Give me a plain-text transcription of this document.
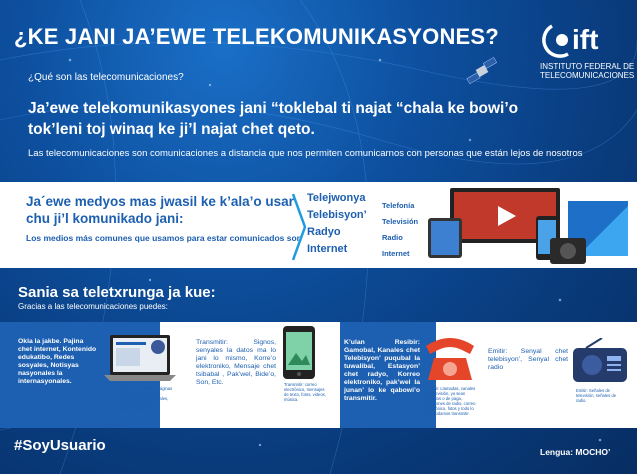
¿KE JANI JA’EWE TELEKOMUNIKASYONES?	ift
INSTITUTO FEDERAL DE
TELECOMUNICACIONES
¿Qué son las telecomunicaciones?
Ja’ewe telekomunikasyones jani “toklebal ti najat “chala ke bowi’o
tok’leni toj winaq ke ji’l najat chet qeto.
Las telecomunicaciones son comunicaciones a distancia que nos permiten comunicarnos con personas que están lejos de nosotros
Ja´ewe medyos mas jwasil ke k’ala’o usar
chu ji’l komunikado jani:
Los medios más comunes que usamos para estar comunicados son
Telejwonya
Telebisyon’
Radyo
Internet
Telefonía
Televisión
Radio
Internet
Sania sa teletxrunga ja kue:
Gracias a las telecomunicaciones puedes:
Okla la jakbe. Pajina chet internet, Kontenido edukatibo, Redes sosyales, Notisyas nasyonales la internasyonales.
Acceder y consultar: Páginas de internet, contenidos educativos, redes sociales, noticias nacionales e internacionales.
Transmitir: Signos, senyales la datos ma lo jani lo mismo, Korre’o elektroniko, Mensaje chet tsibabal , Pak’wel, Bide’o, Son, Etc.	Transmitir: correo electrónico, mensajes de texto, fotos, videos, música.
K’ulan Resibir: Gamobal, Kanales chet Telebisyon’ puqubal la tuwalibal, Estasyon’ chet radyo, Korreo elektroniko, pak’wel la junan’ lo ke qabowi’o transmitir.
Recibir: Llamadas, canales de televisión, ya sean gratuitos o de paga, estaciones de radio, correo electrónico, fotos y todo lo que podamos transmitir.
Emitir: Senyal chet telebisyon’, Senyal chet radio
Emitir: Señales de televisión, señales de radio.
#SoyUsuario	Lengua: MOCHO’
